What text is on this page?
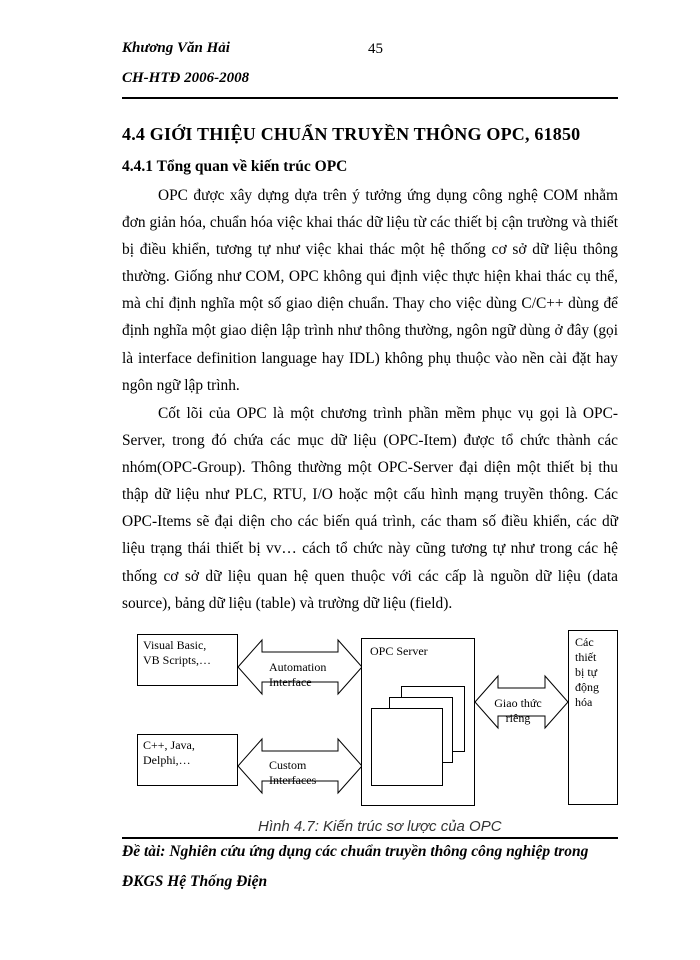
Khương Văn Hải	45
CH-HTĐ 2006-2008
4.4 GIỚI THIỆU CHUẨN TRUYỀN THÔNG OPC, 61850
4.4.1 Tổng quan về kiến trúc OPC
OPC được xây dựng dựa trên ý tưởng ứng dụng công nghệ COM nhằm đơn giản hóa, chuẩn hóa việc khai thác dữ liệu từ các thiết bị cận trường và thiết bị điều khiển, tương tự như việc khai thác một hệ thống cơ sở dữ liệu thông thường. Giống như COM, OPC không qui định việc thực hiện khai thác cụ thể, mà chỉ định nghĩa một số giao diện chuẩn. Thay cho việc dùng C/C++ dùng để định nghĩa một giao diện lập trình như thông thường, ngôn ngữ dùng ở đây (gọi là interface definition language hay IDL) không phụ thuộc vào nền cài đặt hay ngôn ngữ lập trình.
Cốt lõi của OPC là một chương trình phần mềm phục vụ gọi là OPC-Server, trong đó chứa các mục dữ liệu (OPC-Item) được tổ chức thành các nhóm(OPC-Group). Thông thường một OPC-Server đại diện một thiết bị thu thập dữ liệu như PLC, RTU, I/O hoặc một cấu hình mạng truyền thông. Các OPC-Items sẽ đại diện cho các biến quá trình, các tham số điều khiển, các dữ liệu trạng thái thiết bị vv… cách tổ chức này cũng tương tự như trong các hệ thống cơ sở dữ liệu quan hệ quen thuộc với các cấp là nguồn dữ liệu (data source), bảng dữ liệu (table) và trường dữ liệu (field).
Visual Basic,
VB Scripts,…
C++, Java,
Delphi,…
Automation
Interface
Custom
Interfaces
OPC Server
Giao thức
riêng
Các
thiết
bị tự
động
hóa
Hình 4.7: Kiến trúc sơ lược của OPC
Đề tài: Nghiên cứu ứng dụng các chuẩn truyền thông công nghiệp trong
ĐKGS Hệ Thống Điện
